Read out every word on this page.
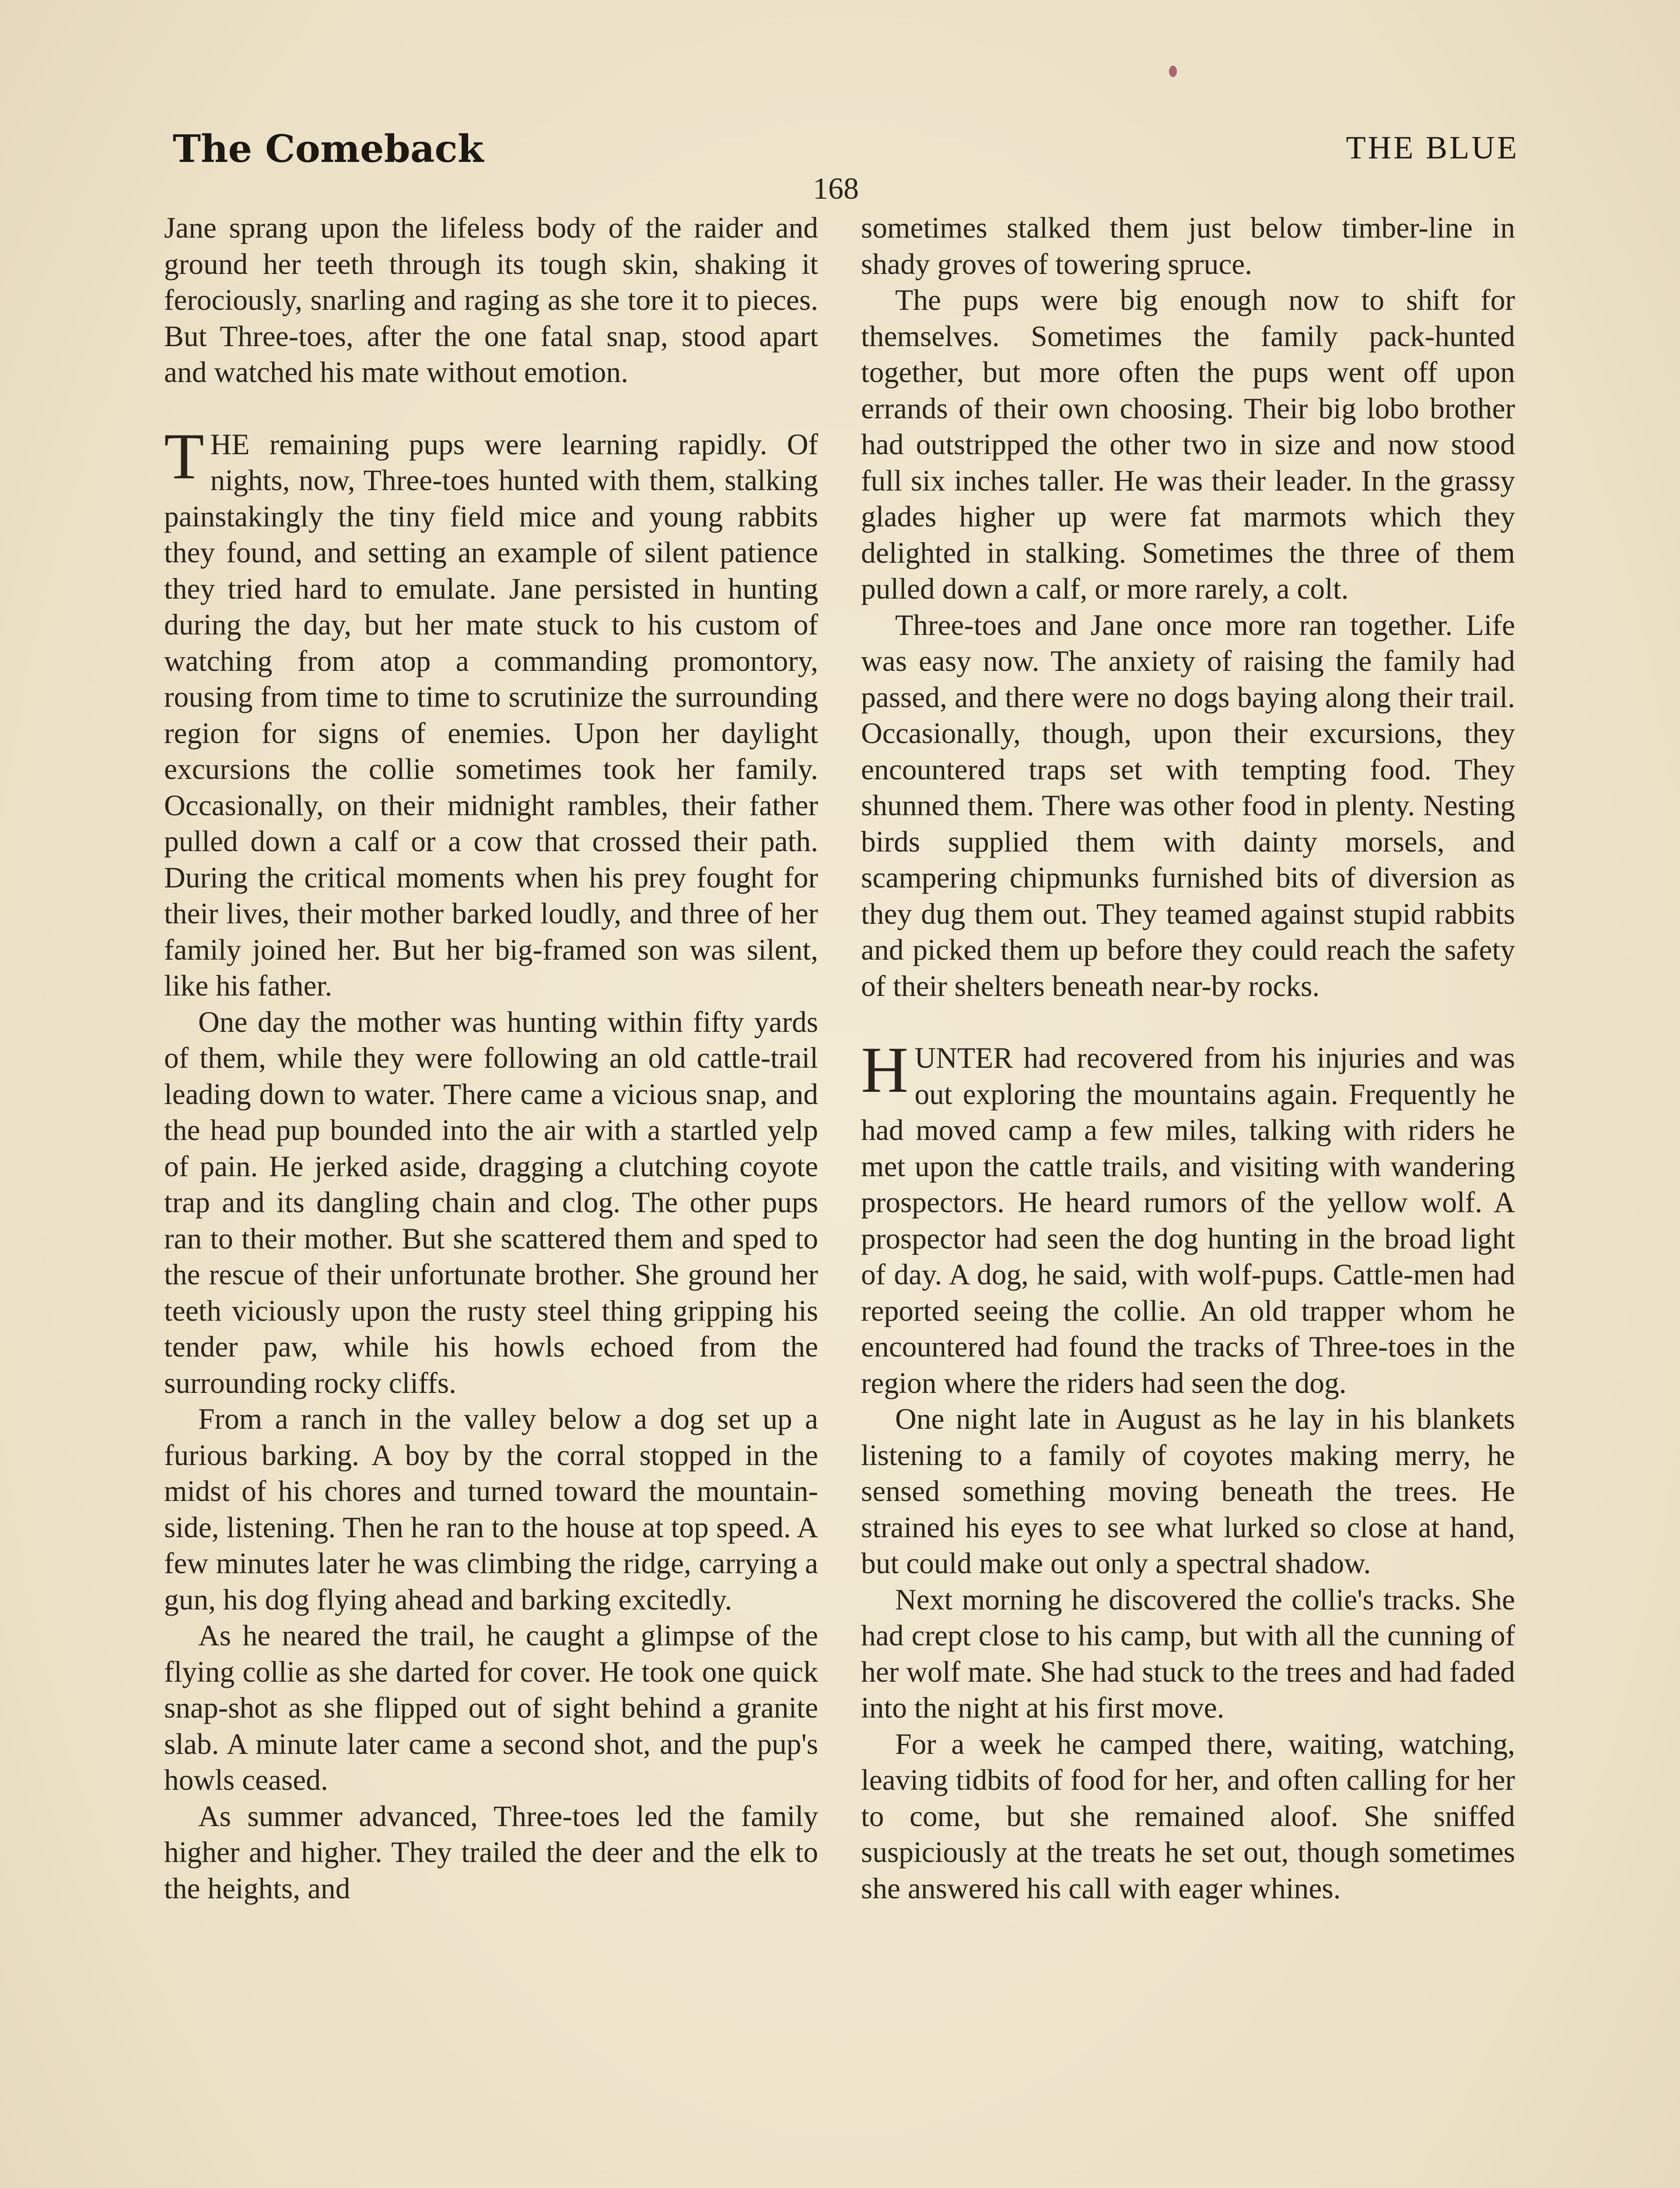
The Comeback	THE BLUE
168

Jane sprang upon the lifeless body of the raider and ground her teeth through its tough skin, shaking it ferociously, snarling and raging as she tore it to pieces. But Three-toes, after the one fatal snap, stood apart and watched his mate without emotion.

THE remaining pups were learning rapidly. Of nights, now, Three-toes hunted with them, stalking painstakingly the tiny field mice and young rabbits they found, and setting an example of silent patience they tried hard to emulate. Jane persisted in hunting during the day, but her mate stuck to his custom of watching from atop a commanding promontory, rousing from time to time to scrutinize the surrounding region for signs of enemies. Upon her daylight excursions the collie sometimes took her family. Occasionally, on their midnight rambles, their father pulled down a calf or a cow that crossed their path. During the critical moments when his prey fought for their lives, their mother barked loudly, and three of her family joined her. But her big-framed son was silent, like his father.

One day the mother was hunting within fifty yards of them, while they were following an old cattle-trail leading down to water. There came a vicious snap, and the head pup bounded into the air with a startled yelp of pain. He jerked aside, dragging a clutching coyote trap and its dangling chain and clog. The other pups ran to their mother. But she scattered them and sped to the rescue of their unfortunate brother. She ground her teeth viciously upon the rusty steel thing gripping his tender paw, while his howls echoed from the surrounding rocky cliffs.

From a ranch in the valley below a dog set up a furious barking. A boy by the corral stopped in the midst of his chores and turned toward the mountain-side, listening. Then he ran to the house at top speed. A few minutes later he was climbing the ridge, carrying a gun, his dog flying ahead and barking excitedly.

As he neared the trail, he caught a glimpse of the flying collie as she darted for cover. He took one quick snap-shot as she flipped out of sight behind a granite slab. A minute later came a second shot, and the pup's howls ceased.

As summer advanced, Three-toes led the family higher and higher. They trailed the deer and the elk to the heights, and

sometimes stalked them just below timber-line in shady groves of towering spruce.

The pups were big enough now to shift for themselves. Sometimes the family pack-hunted together, but more often the pups went off upon errands of their own choosing. Their big lobo brother had outstripped the other two in size and now stood full six inches taller. He was their leader. In the grassy glades higher up were fat marmots which they delighted in stalking. Sometimes the three of them pulled down a calf, or more rarely, a colt.

Three-toes and Jane once more ran together. Life was easy now. The anxiety of raising the family had passed, and there were no dogs baying along their trail. Occasionally, though, upon their excursions, they encountered traps set with tempting food. They shunned them. There was other food in plenty. Nesting birds supplied them with dainty morsels, and scampering chipmunks furnished bits of diversion as they dug them out. They teamed against stupid rabbits and picked them up before they could reach the safety of their shelters beneath near-by rocks.

HUNTER had recovered from his injuries and was out exploring the mountains again. Frequently he had moved camp a few miles, talking with riders he met upon the cattle trails, and visiting with wandering prospectors. He heard rumors of the yellow wolf. A prospector had seen the dog hunting in the broad light of day. A dog, he said, with wolf-pups. Cattle-men had reported seeing the collie. An old trapper whom he encountered had found the tracks of Three-toes in the region where the riders had seen the dog.

One night late in August as he lay in his blankets listening to a family of coyotes making merry, he sensed something moving beneath the trees. He strained his eyes to see what lurked so close at hand, but could make out only a spectral shadow.

Next morning he discovered the collie's tracks. She had crept close to his camp, but with all the cunning of her wolf mate. She had stuck to the trees and had faded into the night at his first move.

For a week he camped there, waiting, watching, leaving tidbits of food for her, and often calling for her to come, but she remained aloof. She sniffed suspiciously at the treats he set out, though sometimes she answered his call with eager whines.
